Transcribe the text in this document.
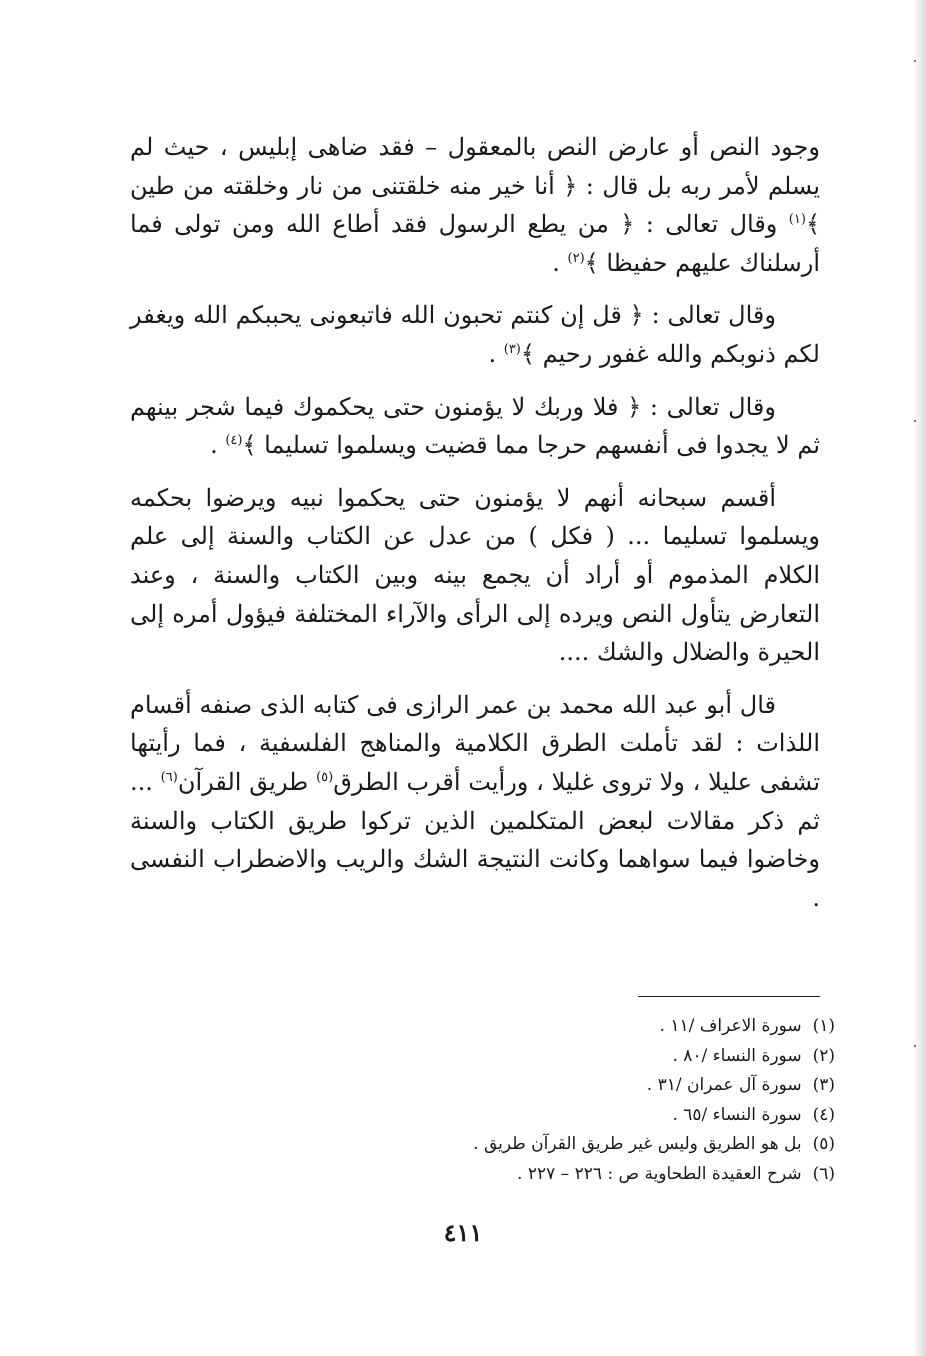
وجود النص أو عارض النص بالمعقول – فقد ضاهى إبليس ، حيث لم يسلم لأمر ربه بل قال : ﴿ أنا خير منه خلقتنى من نار وخلقته من طين ﴾$^{(١)}$ وقال تعالى : ﴿ من يطع الرسول فقد أطاع الله ومن تولى فما أرسلناك عليهم حفيظا ﴾$^{(٢)}$ .

وقال تعالى : ﴿ قل إن كنتم تحبون الله فاتبعونى يحببكم الله ويغفر لكم ذنوبكم والله غفور رحيم ﴾$^{(٣)}$ .

وقال تعالى : ﴿ فلا وربك لا يؤمنون حتى يحكموك فيما شجر بينهم ثم لا يجدوا فى أنفسهم حرجا مما قضيت ويسلموا تسليما ﴾$^{(٤)}$ .

أقسم سبحانه أنهم لا يؤمنون حتى يحكموا نبيه ويرضوا بحكمه ويسلموا تسليما ... ( فكل ) من عدل عن الكتاب والسنة إلى علم الكلام المذموم أو أراد أن يجمع بينه وبين الكتاب والسنة ، وعند التعارض يتأول النص ويرده إلى الرأى والآراء المختلفة فيؤول أمره إلى الحيرة والضلال والشك ....

قال أبو عبد الله محمد بن عمر الرازى فى كتابه الذى صنفه أقسام اللذات : لقد تأملت الطرق الكلامية والمناهج الفلسفية ، فما رأيتها تشفى عليلا ، ولا تروى غليلا ، ورأيت أقرب الطرق$^{(٥)}$ طريق القرآن$^{(٦)}$ ... ثم ذكر مقالات لبعض المتكلمين الذين تركوا طريق الكتاب والسنة وخاضوا فيما سواهما وكانت النتيجة الشك والريب والاضطراب النفسى .

(١) سورة الاعراف /١١ .
(٢) سورة النساء /٨٠ .
(٣) سورة آل عمران /٣١ .
(٤) سورة النساء /٦٥ .
(٥) بل هو الطريق وليس غير طريق القرآن طريق .
(٦) شرح العقيدة الطحاوية ص : ٢٢٦ – ٢٢٧ .
٤١١
